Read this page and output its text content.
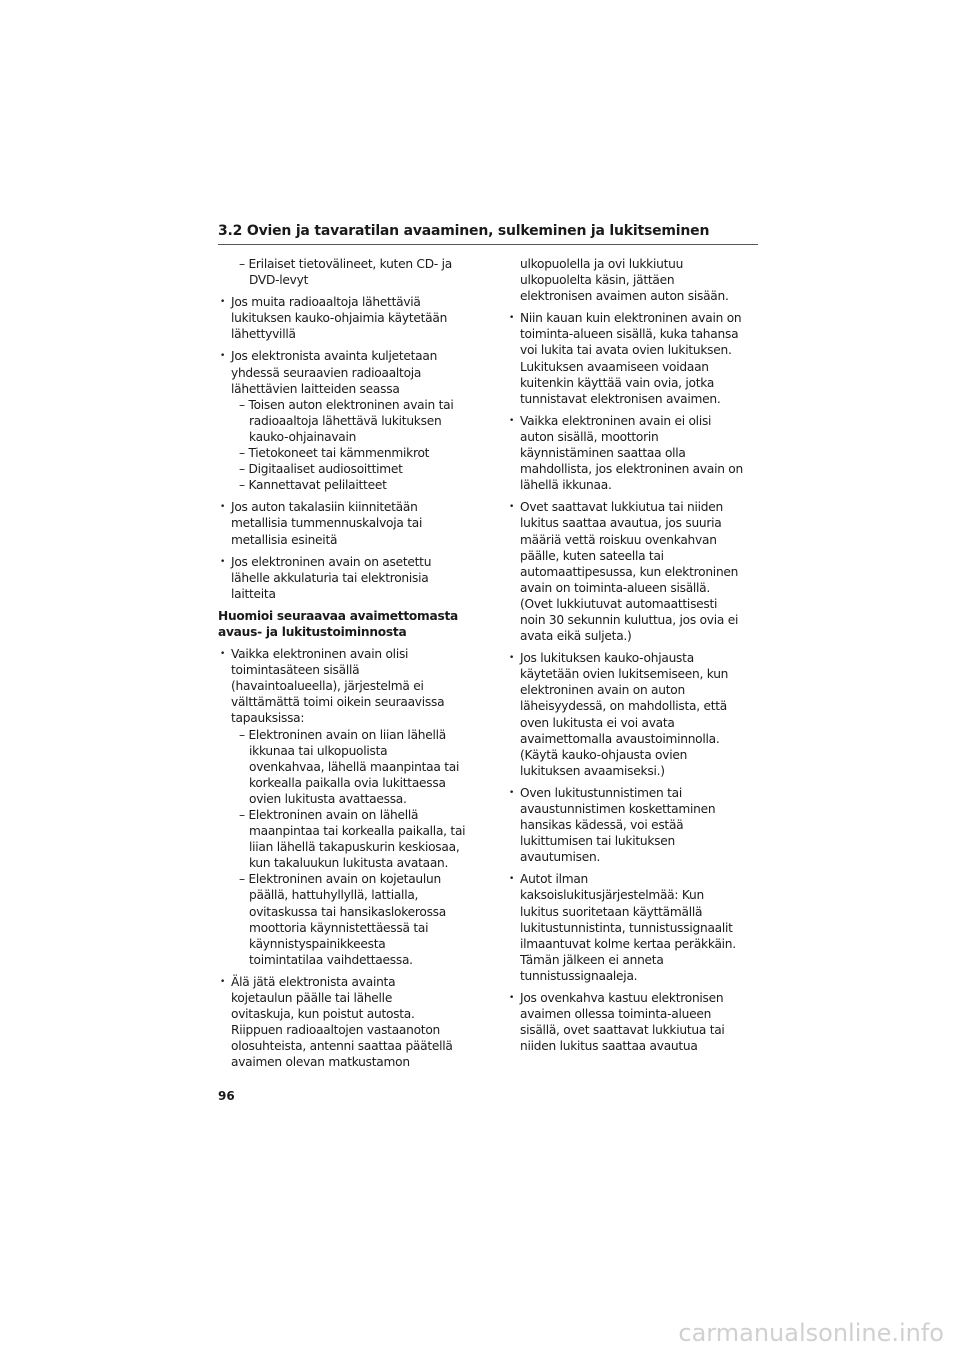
3.2 Ovien ja tavaratilan avaaminen, sulkeminen ja lukitseminen
– Erilaiset tietovälineet, kuten CD- ja
DVD-levyt
• Jos muita radioaaltoja lähettäviä
lukituksen kauko-ohjaimia käytetään
lähettyvillä
• Jos elektronista avainta kuljetetaan
yhdessä seuraavien radioaaltoja
lähettävien laitteiden seassa
– Toisen auton elektroninen avain tai
radioaaltoja lähettävä lukituksen
kauko-ohjainavain
– Tietokoneet tai kämmenmikrot
– Digitaaliset audiosoittimet
– Kannettavat pelilaitteet
• Jos auton takalasiin kiinnitetään
metallisia tummennuskalvoja tai
metallisia esineitä
• Jos elektroninen avain on asetettu
lähelle akkulaturia tai elektronisia
laitteita
Huomioi seuraavaa avaimettomasta
avaus- ja lukitustoiminnosta
• Vaikka elektroninen avain olisi
toimintasäteen sisällä
(havaintoalueella), järjestelmä ei
välttämättä toimi oikein seuraavissa
tapauksissa:
– Elektroninen avain on liian lähellä
ikkunaa tai ulkopuolista
ovenkahvaa, lähellä maanpintaa tai
korkealla paikalla ovia lukittaessa
ovien lukitusta avattaessa.
– Elektroninen avain on lähellä
maanpintaa tai korkealla paikalla, tai
liian lähellä takapuskurin keskiosaa,
kun takaluukun lukitusta avataan.
– Elektroninen avain on kojetaulun
päällä, hattuhyllyllä, lattialla,
ovitaskussa tai hansikaslokerossa
moottoria käynnistettäessä tai
käynnistyspainikkeesta
toimintatilaa vaihdettaessa.
• Älä jätä elektronista avainta
kojetaulun päälle tai lähelle
ovitaskuja, kun poistut autosta.
Riippuen radioaaltojen vastaanoton
olosuhteista, antenni saattaa päätellä
avaimen olevan matkustamon
ulkopuolella ja ovi lukkiutuu
ulkopuolelta käsin, jättäen
elektronisen avaimen auton sisään.
• Niin kauan kuin elektroninen avain on
toiminta-alueen sisällä, kuka tahansa
voi lukita tai avata ovien lukituksen.
Lukituksen avaamiseen voidaan
kuitenkin käyttää vain ovia, jotka
tunnistavat elektronisen avaimen.
• Vaikka elektroninen avain ei olisi
auton sisällä, moottorin
käynnistäminen saattaa olla
mahdollista, jos elektroninen avain on
lähellä ikkunaa.
• Ovet saattavat lukkiutua tai niiden
lukitus saattaa avautua, jos suuria
määriä vettä roiskuu ovenkahvan
päälle, kuten sateella tai
automaattipesussa, kun elektroninen
avain on toiminta-alueen sisällä.
(Ovet lukkiutuvat automaattisesti
noin 30 sekunnin kuluttua, jos ovia ei
avata eikä suljeta.)
• Jos lukituksen kauko-ohjausta
käytetään ovien lukitsemiseen, kun
elektroninen avain on auton
läheisyydessä, on mahdollista, että
oven lukitusta ei voi avata
avaimettomalla avaustoiminnolla.
(Käytä kauko-ohjausta ovien
lukituksen avaamiseksi.)
• Oven lukitustunnistimen tai
avaustunnistimen koskettaminen
hansikas kädessä, voi estää
lukittumisen tai lukituksen
avautumisen.
• Autot ilman
kaksoislukitusjärjestelmää: Kun
lukitus suoritetaan käyttämällä
lukitustunnistinta, tunnistussignaalit
ilmaantuvat kolme kertaa peräkkäin.
Tämän jälkeen ei anneta
tunnistussignaaleja.
• Jos ovenkahva kastuu elektronisen
avaimen ollessa toiminta-alueen
sisällä, ovet saattavat lukkiutua tai
niiden lukitus saattaa avautua
96
carmanualsonline.info
